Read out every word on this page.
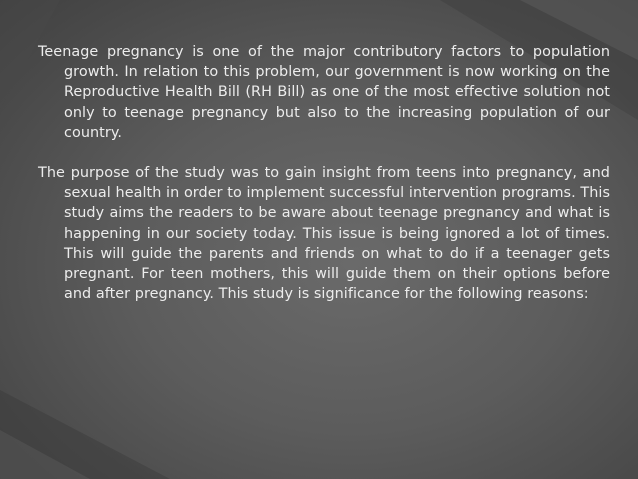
Teenage pregnancy is one of the major contributory factors to population growth. In relation to this problem, our government is now working on the Reproductive Health Bill (RH Bill) as one of the most effective solution not only to teenage pregnancy but also to the increasing population of our country.

The purpose of the study was to gain insight from teens into pregnancy, and sexual health in order to implement successful intervention programs. This study aims the readers to be aware about teenage pregnancy and what is happening in our society today. This issue is being ignored a lot of times. This will guide the parents and friends on what to do if a teenager gets pregnant. For teen mothers, this will guide them on their options before and after pregnancy. This study is significance for the following reasons:
